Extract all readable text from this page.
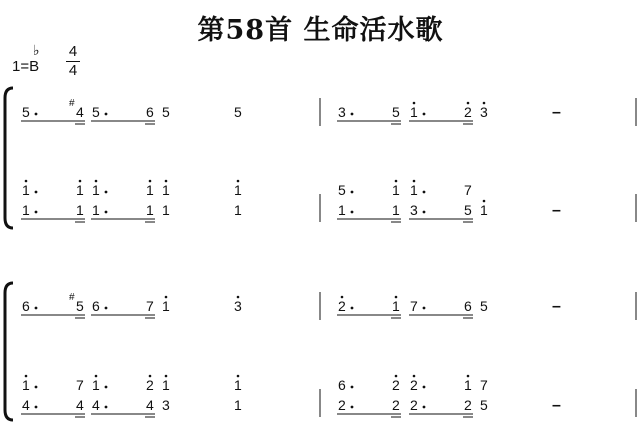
第58首 生命活水歌
1=B
♭ 4
4
5	4
#
5	6 5	5	3	5 1	2 3	–
1	1 1	1 1	1	5	1 1	7
1	1 1	1 1	1	1	1 3	5 1	–
6	5
#
6	7 1	3	2	1 7	6 5	–
1	7 1	2 1	1	6	2 2	1 7
4	4 4	4 3	1	2	2 2	2 5	–
